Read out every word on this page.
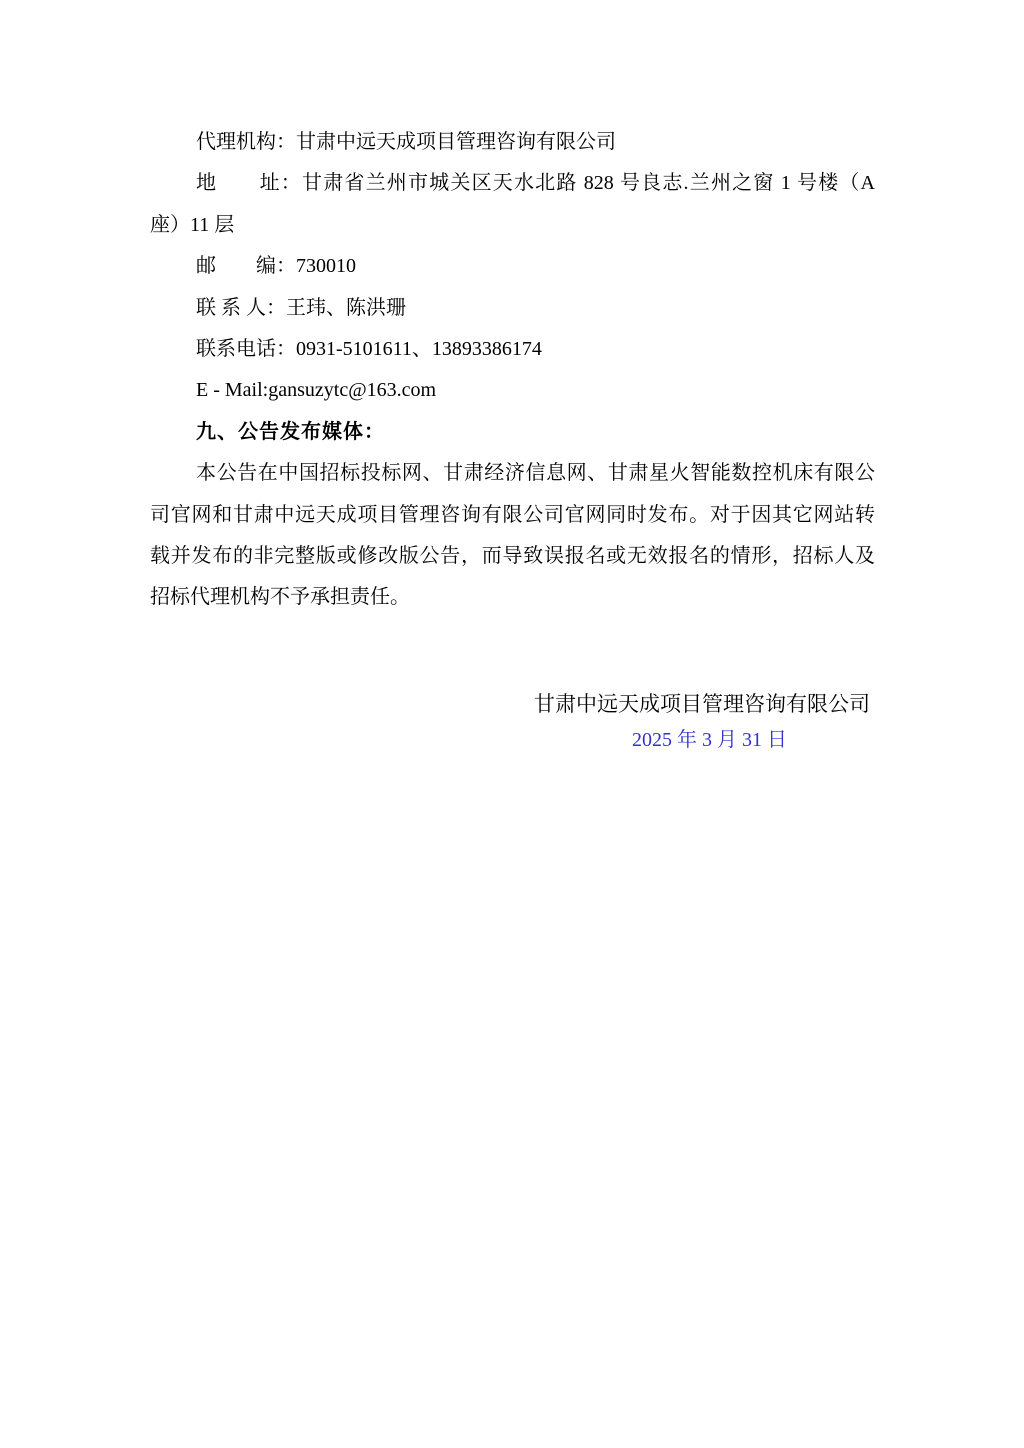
代理机构：甘肃中远天成项目管理咨询有限公司
地　　址：甘肃省兰州市城关区天水北路 828 号良志.兰州之窗 1 号楼（A
座）11 层
邮　　编：730010
联 系 人：王玮、陈洪珊
联系电话：0931-5101611、13893386174
E - Mail:gansuzytc@163.com
九、公告发布媒体：
本公告在中国招标投标网、甘肃经济信息网、甘肃星火智能数控机床有限公
司官网和甘肃中远天成项目管理咨询有限公司官网同时发布。对于因其它网站转
载并发布的非完整版或修改版公告，而导致误报名或无效报名的情形，招标人及
招标代理机构不予承担责任。
甘肃中远天成项目管理咨询有限公司
2025 年 3 月 31 日
